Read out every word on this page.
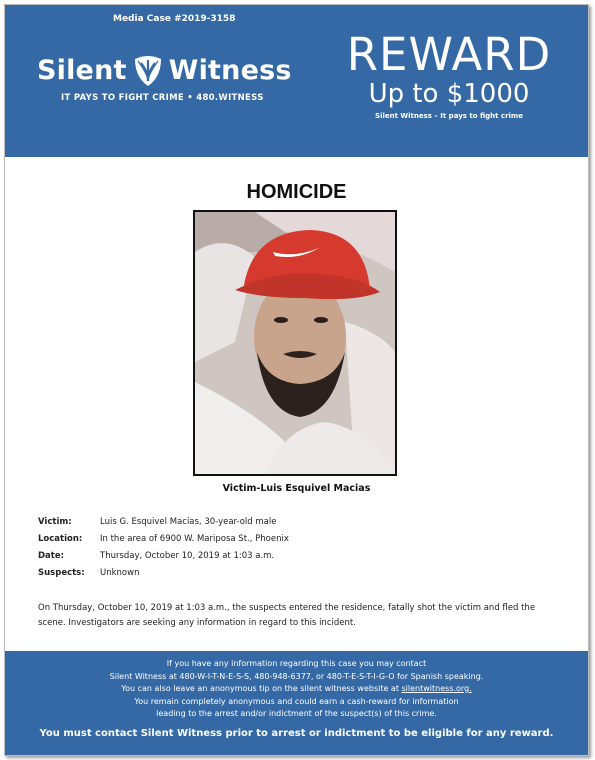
Media Case #2019-3158
Silent Witness
IT PAYS TO FIGHT CRIME • 480.WITNESS
REWARD
Up to $1000
Silent Witness – It pays to fight crime
HOMICIDE
Victim-Luis Esquivel Macias
Victim:	Luis G. Esquivel Macias, 30-year-old male
Location: In the area of 6900 W. Mariposa St., Phoenix
Date:	Thursday, October 10, 2019 at 1:03 a.m.
Suspects: Unknown
On Thursday, October 10, 2019 at 1:03 a.m., the suspects entered the residence, fatally shot the victim and fled the scene. Investigators are seeking any information in regard to this incident.
If you have any information regarding this case you may contact
Silent Witness at 480-W-I-T-N-E-S-S, 480-948-6377, or 480-T-E-S-T-I-G-O for Spanish speaking.
You can also leave an anonymous tip on the silent witness website at silentwitness.org.
You remain completely anonymous and could earn a cash-reward for information
leading to the arrest and/or indictment of the suspect(s) of this crime.
You must contact Silent Witness prior to arrest or indictment to be eligible for any reward.
